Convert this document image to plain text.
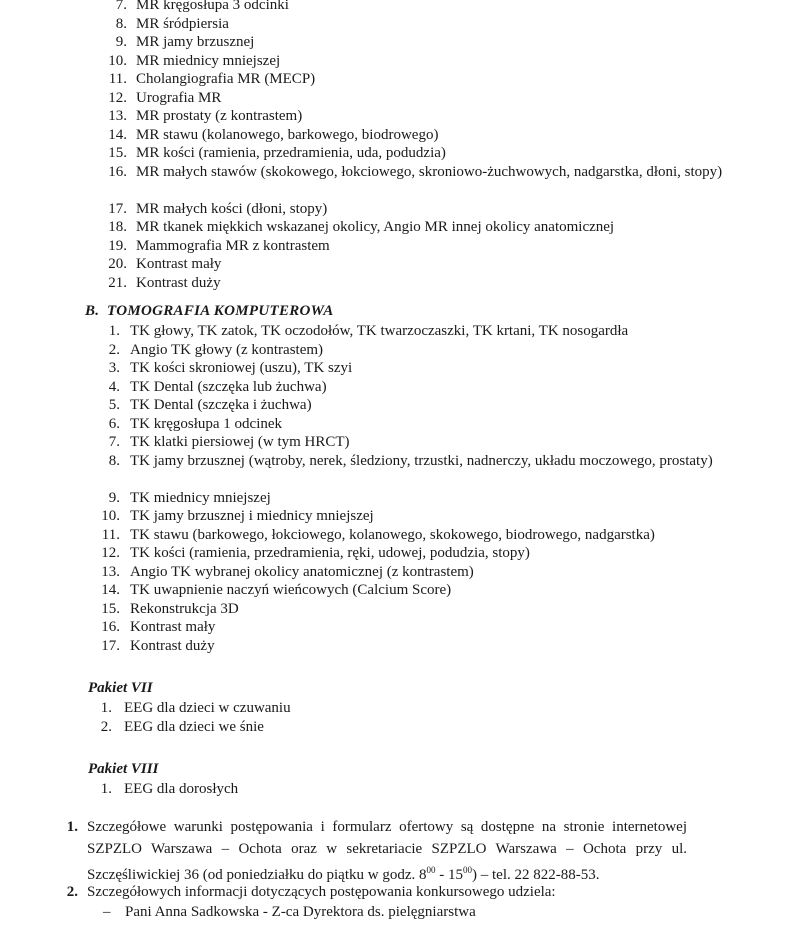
7. MR kręgosłupa 3 odcinki
8. MR śródpiersia
9. MR jamy brzusznej
10. MR miednicy mniejszej
11. Cholangiografia MR (MECP)
12. Urografia MR
13. MR prostaty (z kontrastem)
14. MR stawu (kolanowego, barkowego, biodrowego)
15. MR kości (ramienia, przedramienia, uda, podudzia)
16. MR małych stawów (skokowego, łokciowego, skroniowo-żuchwowych, nadgarstka, dłoni, stopy)
17. MR małych kości (dłoni, stopy)
18. MR tkanek miękkich wskazanej okolicy, Angio MR innej okolicy anatomicznej
19. Mammografia MR z kontrastem
20. Kontrast mały
21. Kontrast duży
B. TOMOGRAFIA KOMPUTEROWA
1. TK głowy, TK zatok, TK oczodołów, TK twarzoczaszki, TK krtani, TK nosogardła
2. Angio TK głowy (z kontrastem)
3. TK kości skroniowej (uszu), TK szyi
4. TK Dental (szczęka lub żuchwa)
5. TK Dental (szczęka i żuchwa)
6. TK kręgosłupa 1 odcinek
7. TK klatki piersiowej (w tym HRCT)
8. TK jamy brzusznej (wątroby, nerek, śledziony, trzustki, nadnerczy, układu moczowego, prostaty)
9. TK miednicy mniejszej
10. TK jamy brzusznej i miednicy mniejszej
11. TK stawu (barkowego, łokciowego, kolanowego, skokowego, biodrowego, nadgarstka)
12. TK kości (ramienia, przedramienia, ręki, udowej, podudzia, stopy)
13. Angio TK wybranej okolicy anatomicznej (z kontrastem)
14. TK uwapnienie naczyń wieńcowych (Calcium Score)
15. Rekonstrukcja 3D
16. Kontrast mały
17. Kontrast duży
Pakiet VII
1. EEG dla dzieci w czuwaniu
2. EEG dla dzieci we śnie
Pakiet VIII
1. EEG dla dorosłych
1. Szczegółowe warunki postępowania i formularz ofertowy są dostępne na stronie internetowej SZPZLO Warszawa – Ochota oraz w sekretariacie SZPZLO Warszawa – Ochota przy ul. Szczęśliwickiej 36 (od poniedziałku do piątku w godz. $8^{00} - 15^{00}$) – tel. 22 822-88-53.
2. Szczegółowych informacji dotyczących postępowania konkursowego udziela:
– Pani Anna Sadkowska - Z-ca Dyrektora ds. pielęgniarstwa
